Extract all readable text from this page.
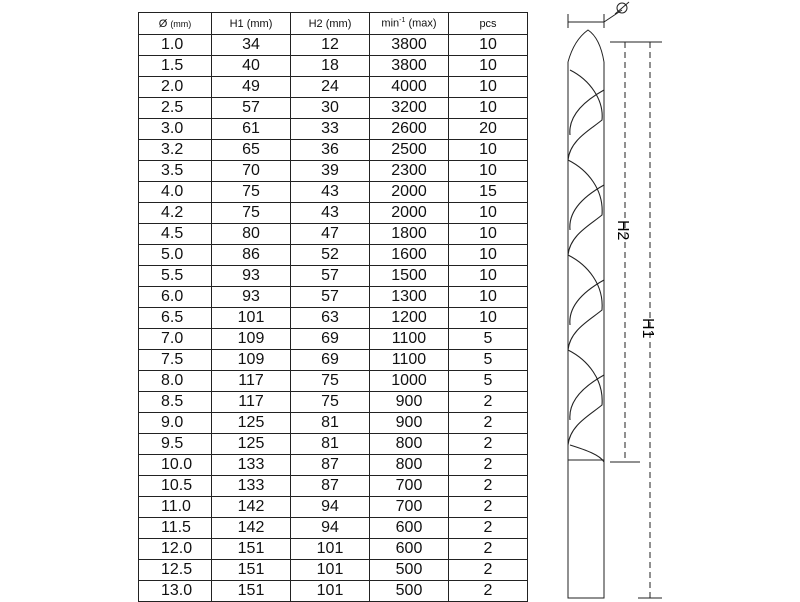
Ø (mm)	H1 (mm)	H2 (mm)	$\min^{-1} (\max)$	pcs
1.0	34	12	3800	10
1.5	40	18	3800	10
2.0	49	24	4000	10
2.5	57	30	3200	10
3.0	61	33	2600	20
3.2	65	36	2500	10
3.5	70	39	2300	10
4.0	75	43	2000	15
4.2	75	43	2000	10
4.5	80	47	1800	10
5.0	86	52	1600	10
5.5	93	57	1500	10
6.0	93	57	1300	10
6.5	101	63	1200	10
7.0	109	69	1100	5
7.5	109	69	1100	5
8.0	117	75	1000	5
8.5	117	75	900	2
9.0	125	81	900	2
9.5	125	81	800	2
10.0	133	87	800	2
10.5	133	87	700	2
11.0	142	94	700	2
11.5	142	94	600	2
12.0	151	101	600	2
12.5	151	101	500	2
13.0	151	101	500	2
H2
H1
